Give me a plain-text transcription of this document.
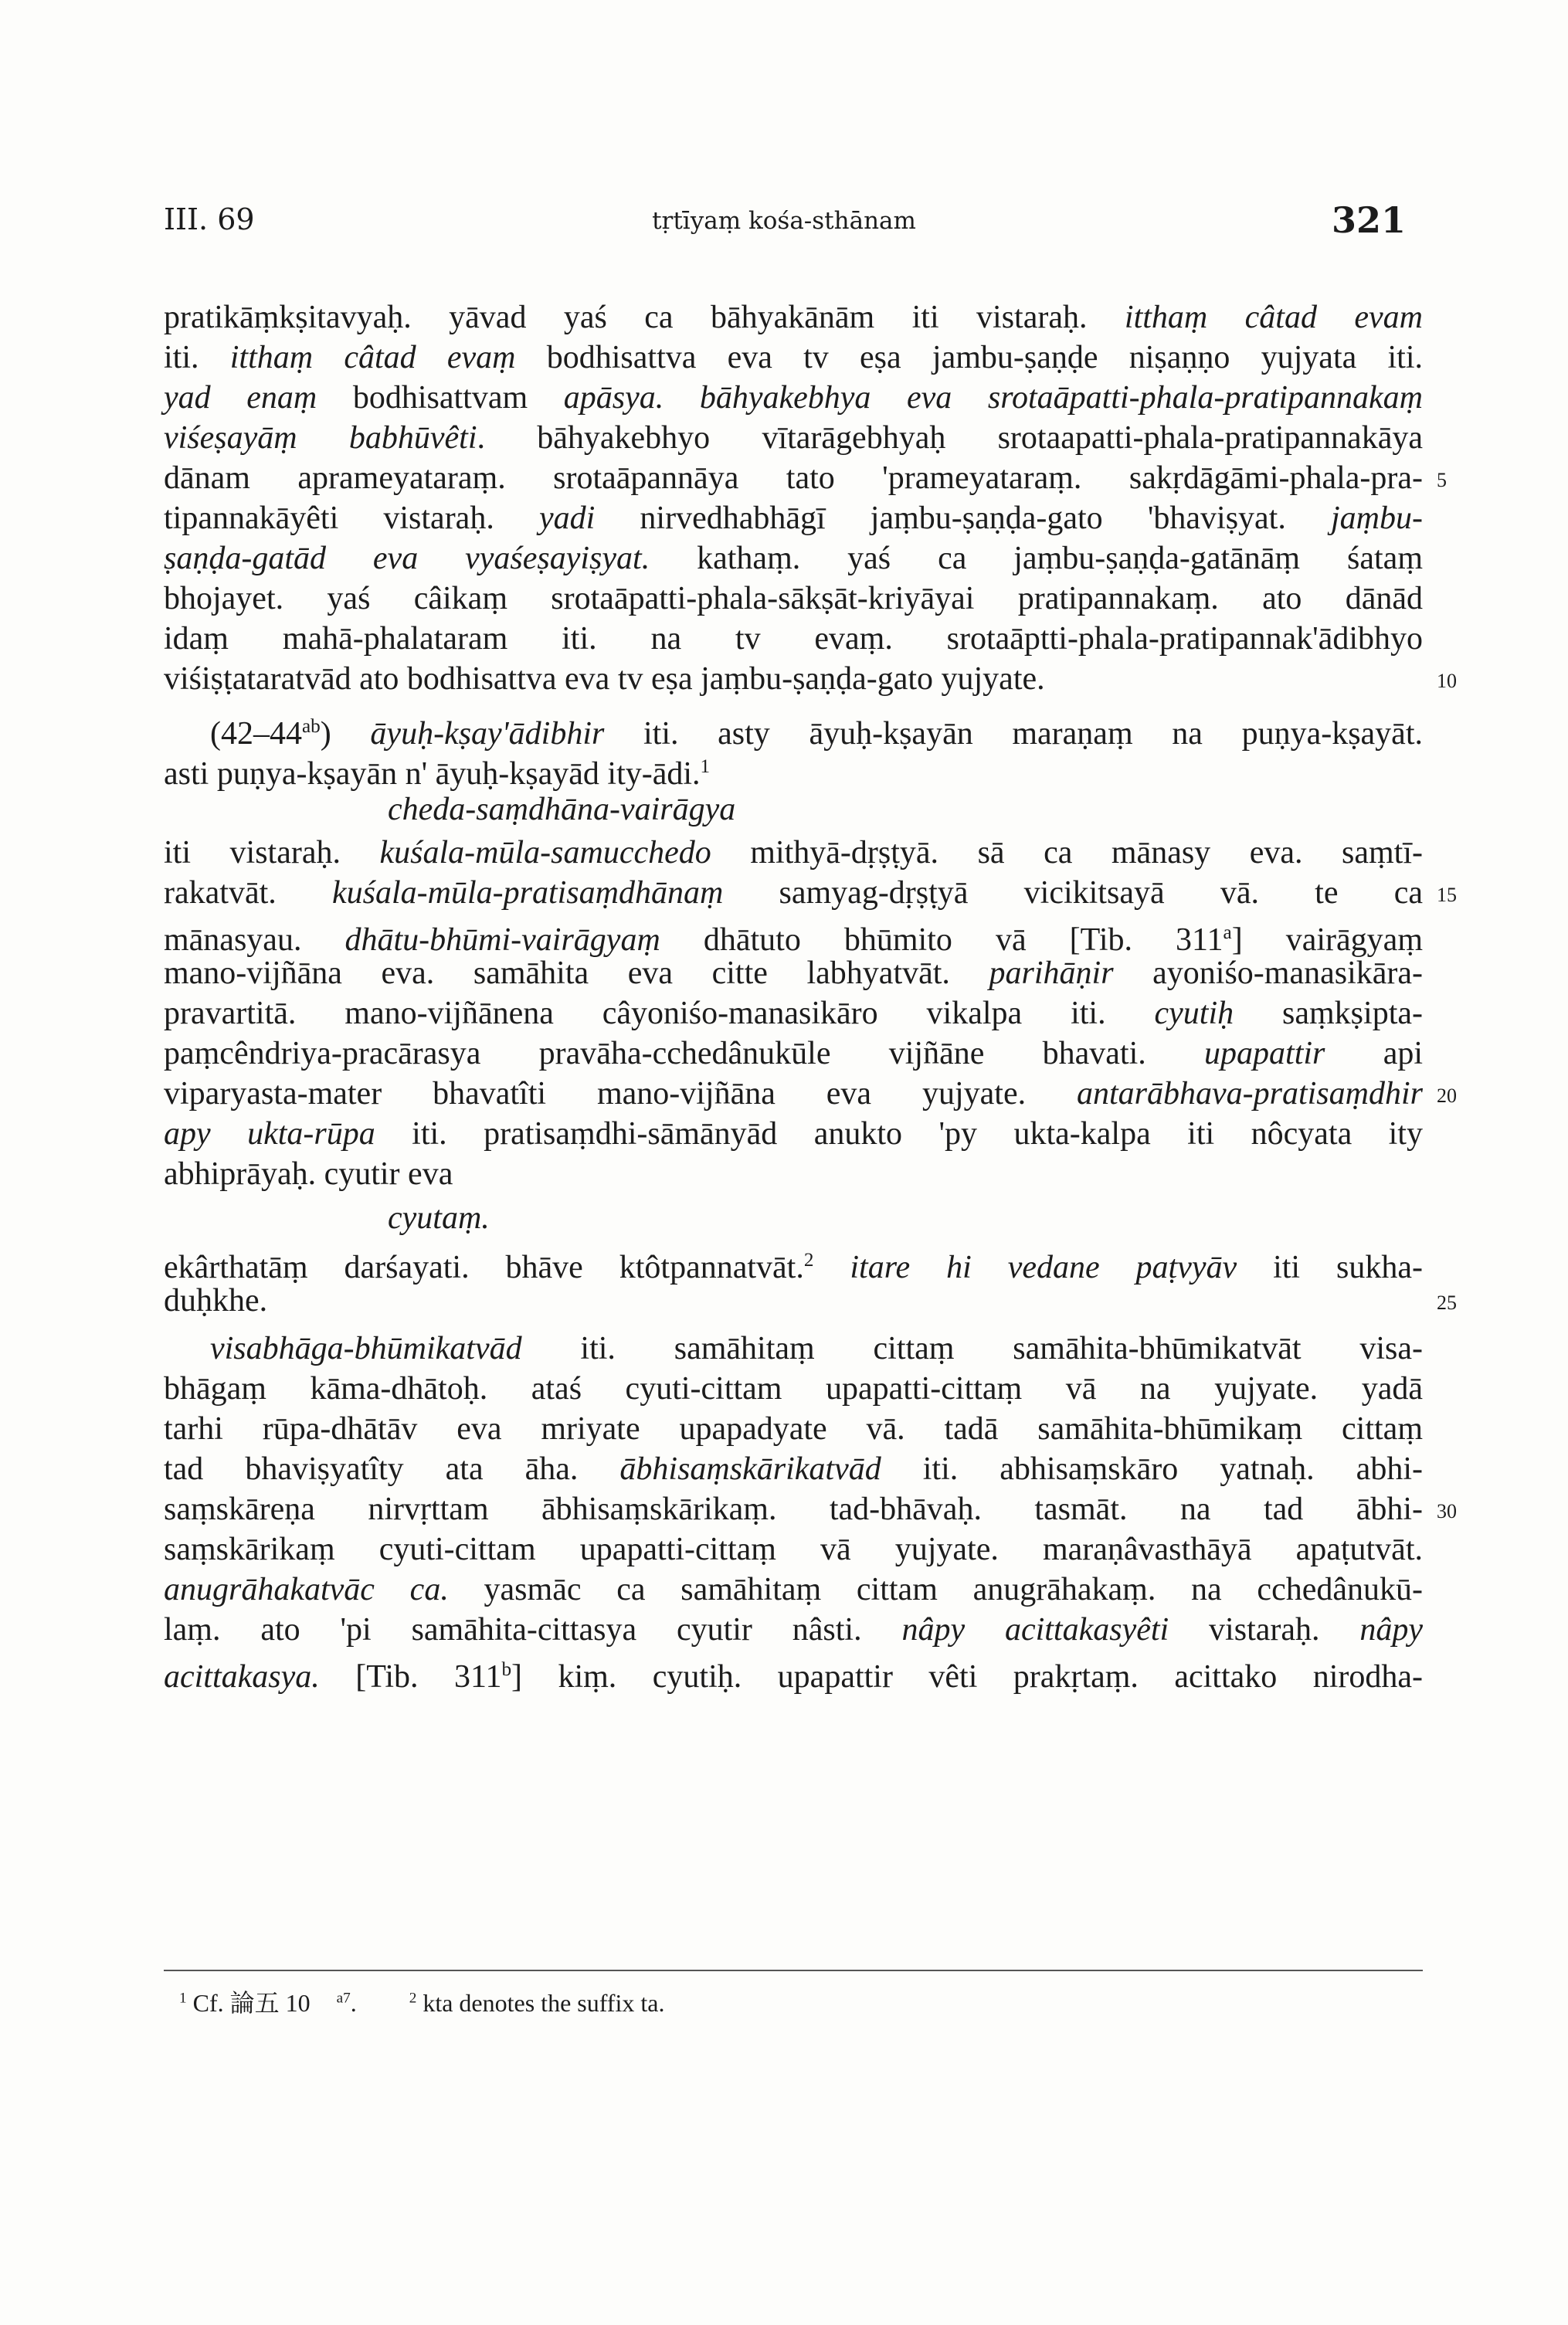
III. 69	tṛtīyaṃ kośa-sthānam	321
pratikāṃkṣitavyaḥ. yāvad yaś ca bāhyakānām iti vistaraḥ. itthaṃ câtad evam
iti. itthaṃ câtad evaṃ bodhisattva eva tv eṣa jambu-ṣaṇḍe niṣaṇṇo yujyata iti.
yad enaṃ bodhisattvam apāsya. bāhyakebhya eva srotaāpatti-phala-pratipannakaṃ
viśeṣayāṃ babhūvêti. bāhyakebhyo vītarāgebhyaḥ srotaapatti-phala-pratipannakāya
dānam aprameyataraṃ. srotaāpannāya tato 'prameyataraṃ. sakṛdāgāmi-phala-pra-
tipannakāyêti vistaraḥ. yadi nirvedhabhāgī jaṃbu-ṣaṇḍa-gato 'bhaviṣyat. jaṃbu-
ṣaṇḍa-gatād eva vyaśeṣayiṣyat. kathaṃ. yaś ca jaṃbu-ṣaṇḍa-gatānāṃ śataṃ
bhojayet. yaś câikaṃ srotaāpatti-phala-sākṣāt-kriyāyai pratipannakaṃ. ato dānād
idaṃ mahā-phalataram iti. na tv evaṃ. srotaāptti-phala-pratipannak'ādibhyo
viśiṣṭataratvād ato bodhisattva eva tv eṣa jaṃbu-ṣaṇḍa-gato yujyate.
$(42-44^{ab})$ āyuḥ-kṣay'ādibhir iti. asty āyuḥ-kṣayān maraṇaṃ na puṇya-kṣayāt.
asti puṇya-kṣayān n' āyuḥ-kṣayād ity-ādi.$^1$
cheda-saṃdhāna-vairāgya
iti vistaraḥ. kuśala-mūla-samucchedo mithyā-dṛṣṭyā. sā ca mānasy eva. saṃtī-
rakatvāt. kuśala-mūla-pratisaṃdhānaṃ samyag-dṛṣṭyā vicikitsayā vā. te ca
mānasyau. dhātu-bhūmi-vairāgyaṃ dhātuto bhūmito vā [Tib. 311$^a$] vairāgyaṃ
mano-vijñāna eva. samāhita eva citte labhyatvāt. parihāṇir ayoniśo-manasikāra-
pravartitā. mano-vijñānena câyoniśo-manasikāro vikalpa iti. cyutiḥ saṃkṣipta-
paṃcêndriya-pracārasya pravāha-cchedânukūle vijñāne bhavati. upapattir api
viparyasta-mater bhavatîti mano-vijñāna eva yujyate. antarābhava-pratisaṃdhir
apy ukta-rūpa iti. pratisaṃdhi-sāmānyād anukto 'py ukta-kalpa iti nôcyata ity
abhiprāyaḥ. cyutir eva
cyutaṃ.
ekârthatāṃ darśayati. bhāve ktôtpannatvāt.$^2$ itare hi vedane paṭvyāv iti sukha-
duḥkhe.
visabhāga-bhūmikatvād iti. samāhitaṃ cittaṃ samāhita-bhūmikatvāt visa-
bhāgaṃ kāma-dhātoḥ. ataś cyuti-cittam upapatti-cittaṃ vā na yujyate. yadā
tarhi rūpa-dhātāv eva mriyate upapadyate vā. tadā samāhita-bhūmikaṃ cittaṃ
tad bhaviṣyatîty ata āha. ābhisaṃskārikatvād iti. abhisaṃskāro yatnaḥ. abhi-
saṃskāreṇa nirvṛttam ābhisaṃskārikaṃ. tad-bhāvaḥ. tasmāt. na tad ābhi-
saṃskārikaṃ cyuti-cittam upapatti-cittaṃ vā yujyate. maraṇâvasthāyā apaṭutvāt.
anugrāhakatvāc ca. yasmāc ca samāhitaṃ cittam anugrāhakaṃ. na cchedânukū-
laṃ. ato 'pi samāhita-cittasya cyutir nâsti. nâpy acittakasyêti vistaraḥ. nâpy
acittakasya. [Tib. 311$^b$] kiṃ. cyutiḥ. upapattir vêti prakṛtaṃ. acittako nirodha-
5
10
15
20
25
30
$^1$ Cf. 論五 10 $^{a7}$.	$^2$ kta denotes the suffix ta.
